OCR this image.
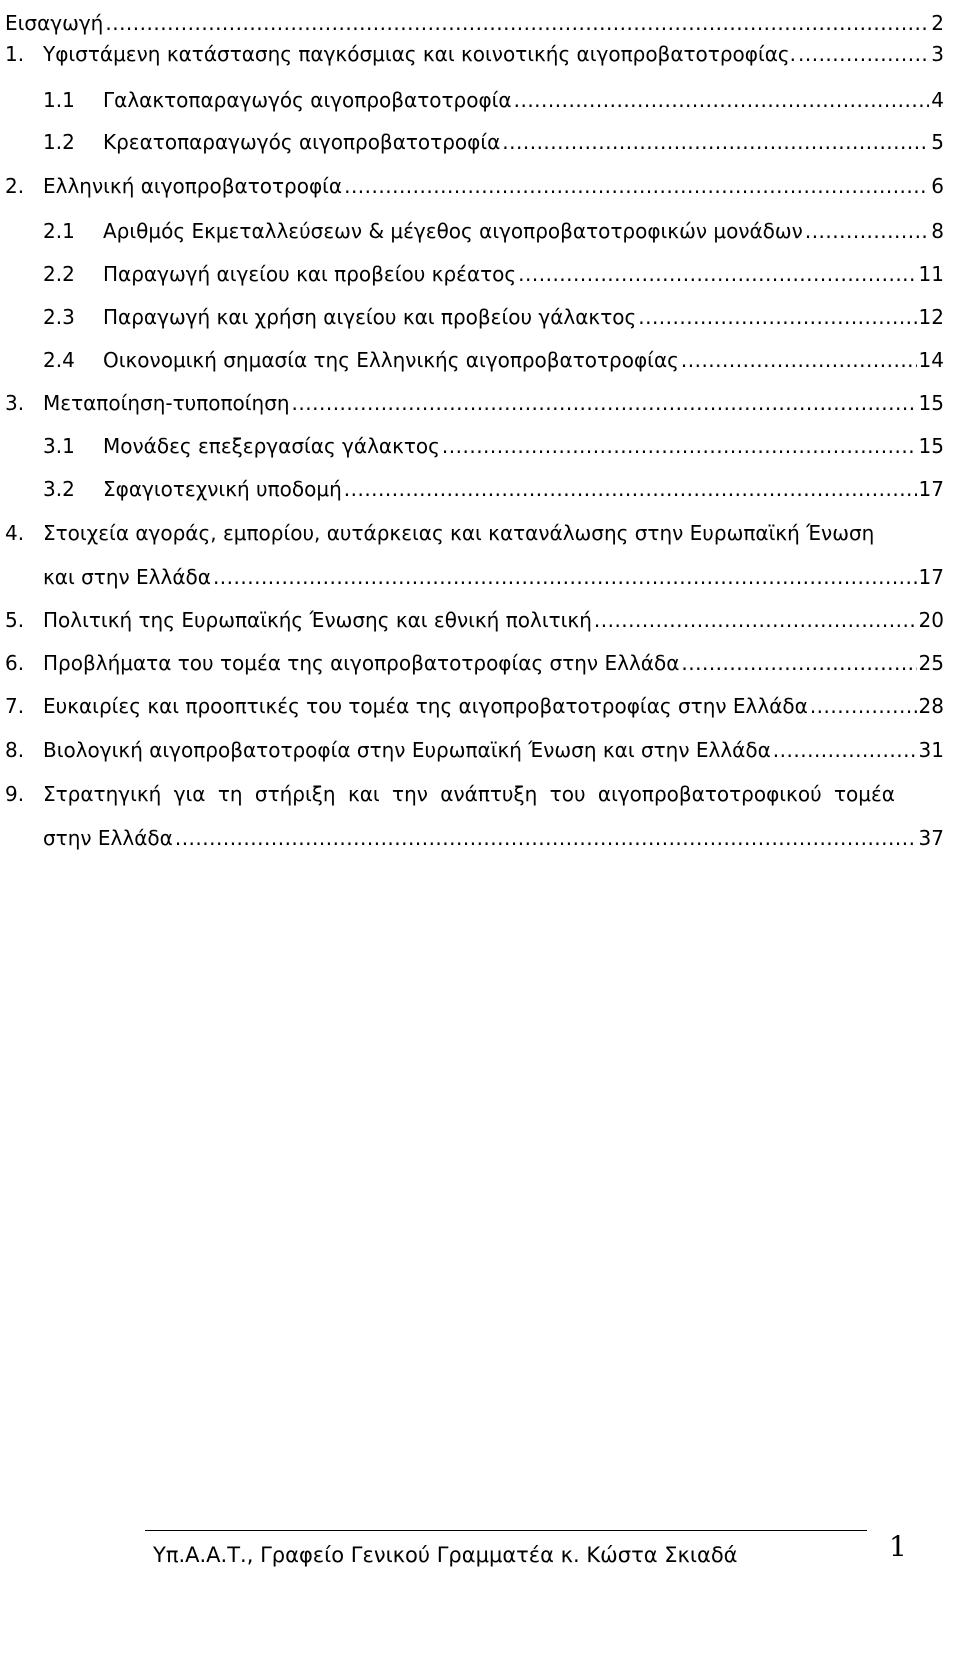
Εισαγωγή .....	2
1. Υφιστάμενη κατάστασης παγκόσμιας και κοινοτικής αιγοπροβατοτροφίας. .....	3
1.1	Γαλακτοπαραγωγός αιγοπροβατοτροφία .....	4
1.2	Κρεατοπαραγωγός αιγοπροβατοτροφία .....	5
2. Ελληνική αιγοπροβατοτροφία .....	6
2.1	Αριθμός Εκμεταλλεύσεων & μέγεθος αιγοπροβατοτροφικών μονάδων .....	8
2.2	Παραγωγή αιγείου και προβείου κρέατος .....	11
2.3	Παραγωγή και χρήση αιγείου και προβείου γάλακτος .....	12
2.4	Οικονομική σημασία της Ελληνικής αιγοπροβατοτροφίας .....	14
3. Μεταποίηση-τυποποίηση .....	15
3.1	Μονάδες επεξεργασίας γάλακτος .....	15
3.2	Σφαγιοτεχνική υποδομή .....	17
4. Στοιχεία αγοράς, εμπορίου, αυτάρκειας και κατανάλωσης στην Ευρωπαϊκή Ένωση
και στην Ελλάδα .....	17
5. Πολιτική της Ευρωπαϊκής Ένωσης και εθνική πολιτική .....	20
6. Προβλήματα του τομέα της αιγοπροβατοτροφίας στην Ελλάδα .....	25
7. Ευκαιρίες και προοπτικές του τομέα της αιγοπροβατοτροφίας στην Ελλάδα .....	28
8. Βιολογική αιγοπροβατοτροφία στην Ευρωπαϊκή Ένωση και στην Ελλάδα .....	31
9. Στρατηγική για τη στήριξη και την ανάπτυξη του αιγοπροβατοτροφικού τομέα
στην Ελλάδα .....	37
Υπ.Α.Α.Τ., Γραφείο Γενικού Γραμματέα κ. Κώστα Σκιαδά	1
